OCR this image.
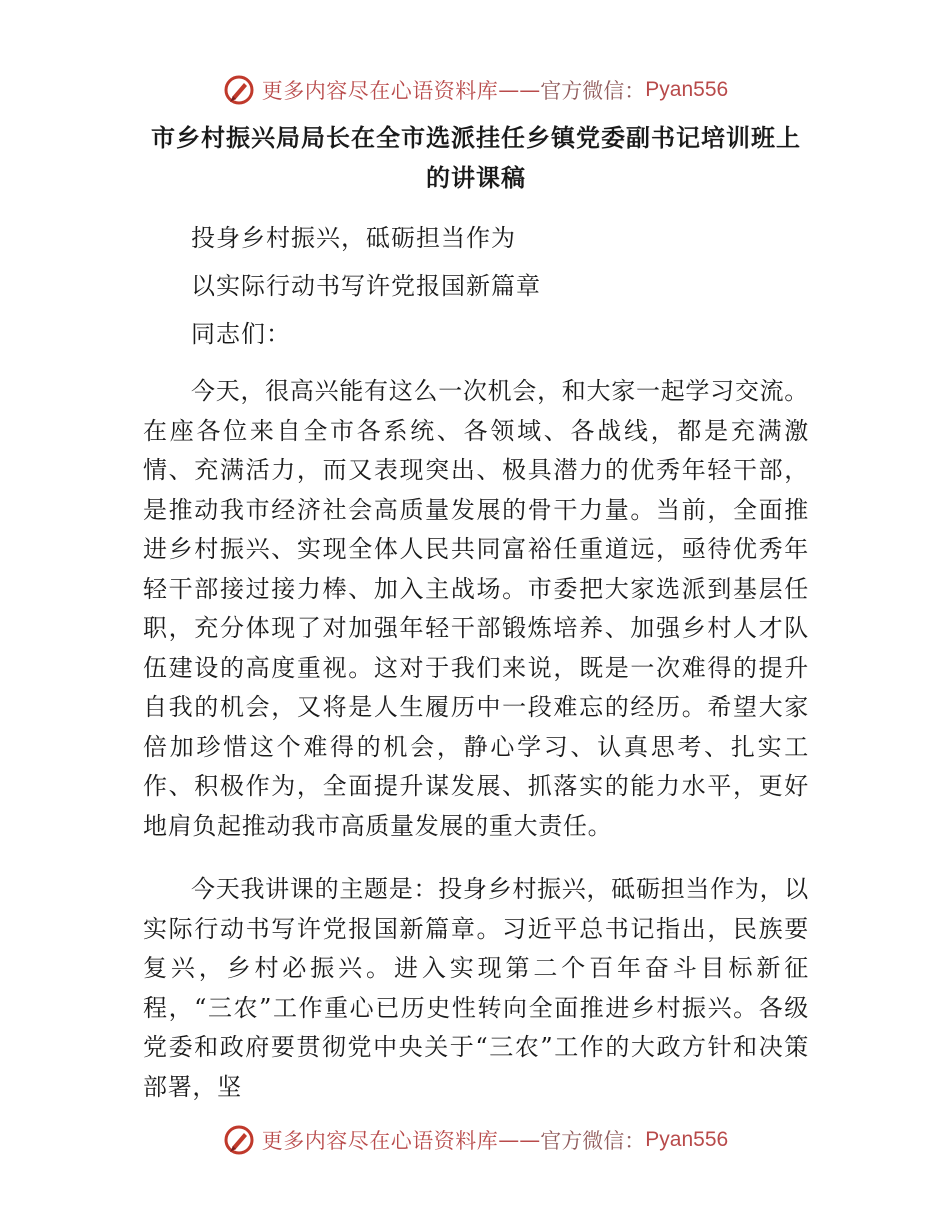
更多内容尽在心语资料库 —— 官方微信： Pyan556
市乡村振兴局局长在全市选派挂任乡镇党委副书记培训班上的讲课稿

投身乡村振兴，砥砺担当作为

以实际行动书写许党报国新篇章

同志们：

今天，很高兴能有这么一次机会，和大家一起学习交流。在座各位来自全市各系统、各领域、各战线，都是充满激情、充满活力，而又表现突出、极具潜力的优秀年轻干部，是推动我市经济社会高质量发展的骨干力量。当前，全面推进乡村振兴、实现全体人民共同富裕任重道远，亟待优秀年轻干部接过接力棒、加入主战场。市委把大家选派到基层任职，充分体现了对加强年轻干部锻炼培养、加强乡村人才队伍建设的高度重视。这对于我们来说，既是一次难得的提升自我的机会，又将是人生履历中一段难忘的经历。希望大家倍加珍惜这个难得的机会，静心学习、认真思考、扎实工作、积极作为，全面提升谋发展、抓落实的能力水平，更好地肩负起推动我市高质量发展的重大责任。

今天我讲课的主题是：投身乡村振兴，砥砺担当作为，以实际行动书写许党报国新篇章。习近平总书记指出，民族要复兴，乡村必振兴。进入实现第二个百年奋斗目标新征程，“三农”工作重心已历史性转向全面推进乡村振兴。各级党委和政府要贯彻党中央关于“三农”工作的大政方针和决策部署，坚

更多内容尽在心语资料库 —— 官方微信： Pyan556
